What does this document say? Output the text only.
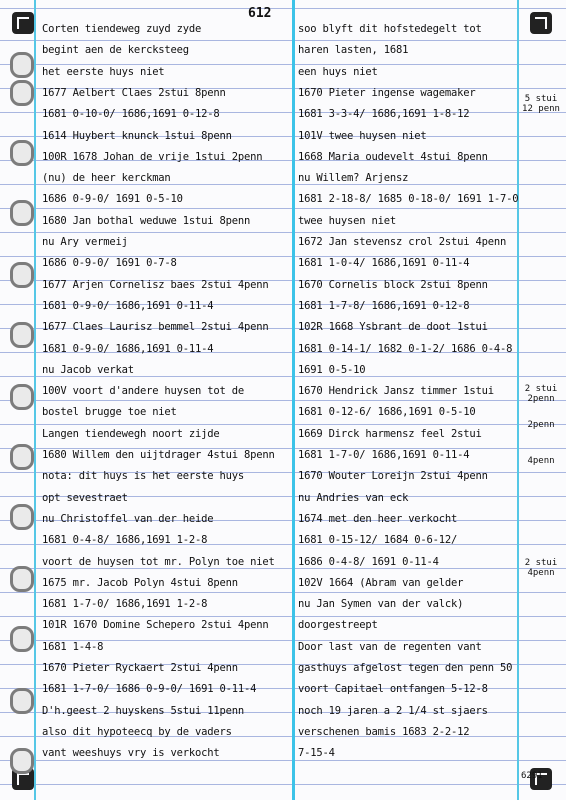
612
5 stui 12 penn
2 stui 2penn
2penn
4penn
2 stui 4penn
6291
Corten tiendeweg zuyd zyde
begint aen de kercksteeg
het eerste huys niet
1677 Aelbert Claes 2stui 8penn
1681 0-10-0/ 1686,1691 0-12-8
1614 Huybert knunck 1stui 8penn
100R 1678 Johan de vrije 1stui 2penn
(nu) de heer kerckman
1686 0-9-0/ 1691 0-5-10
1680 Jan bothal weduwe 1stui 8penn
nu Ary vermeij
1686 0-9-0/ 1691 0-7-8
1677 Arjen Cornelisz baes 2stui 4penn
1681 0-9-0/ 1686,1691 0-11-4
1677 Claes Laurisz bemmel 2stui 4penn
1681 0-9-0/ 1686,1691 0-11-4
nu Jacob verkat
100V voort d'andere huysen tot de
bostel brugge toe niet
Langen tiendewegh noort zijde
1680 Willem den uijtdrager 4stui 8penn
nota: dit huys is het eerste huys
opt sevestraet
nu Christoffel van der heide
1681 0-4-8/ 1686,1691 1-2-8
voort de huysen tot mr. Polyn toe niet
1675 mr. Jacob Polyn 4stui 8penn
1681 1-7-0/ 1686,1691 1-2-8
101R 1670 Domine Schepero 2stui 4penn
1681 1-4-8
1670 Pieter Ryckaert 2stui 4penn
1681 1-7-0/ 1686 0-9-0/ 1691 0-11-4
D'h.geest 2 huyskens 5stui 11penn
also dit hypoteecq by de vaders
vant weeshuys vry is verkocht
soo blyft dit hofstedegelt tot
haren lasten, 1681
een huys niet
1670 Pieter ingense wagemaker
1681 3-3-4/ 1686,1691 1-8-12
101V twee huysen niet
1668 Maria oudevelt 4stui 8penn
nu Willem? Arjensz
1681 2-18-8/ 1685 0-18-0/ 1691 1-7-0
twee huysen niet
1672 Jan stevensz crol 2stui 4penn
1681 1-0-4/ 1686,1691 0-11-4
1670 Cornelis block 2stui 8penn
1681 1-7-8/ 1686,1691 0-12-8
102R 1668 Ysbrant de doot 1stui
1681 0-14-1/ 1682 0-1-2/ 1686 0-4-8
1691 0-5-10
1670 Hendrick Jansz timmer 1stui
1681 0-12-6/ 1686,1691 0-5-10
1669 Dirck harmensz feel 2stui
1681 1-7-0/ 1686,1691 0-11-4
1670 Wouter Loreijn 2stui 4penn
nu Andries van eck
1674 met den heer verkocht
1681 0-15-12/ 1684 0-6-12/
1686 0-4-8/ 1691 0-11-4
102V 1664 (Abram van gelder
nu Jan Symen van der valck)
doorgestreept
Door last van de regenten vant
gasthuys afgelost tegen den penn 50
voort Capitael ontfangen 5-12-8
noch 19 jaren a 2 1/4 st sjaers
verschenen bamis 1683 2-2-12
7-15-4
